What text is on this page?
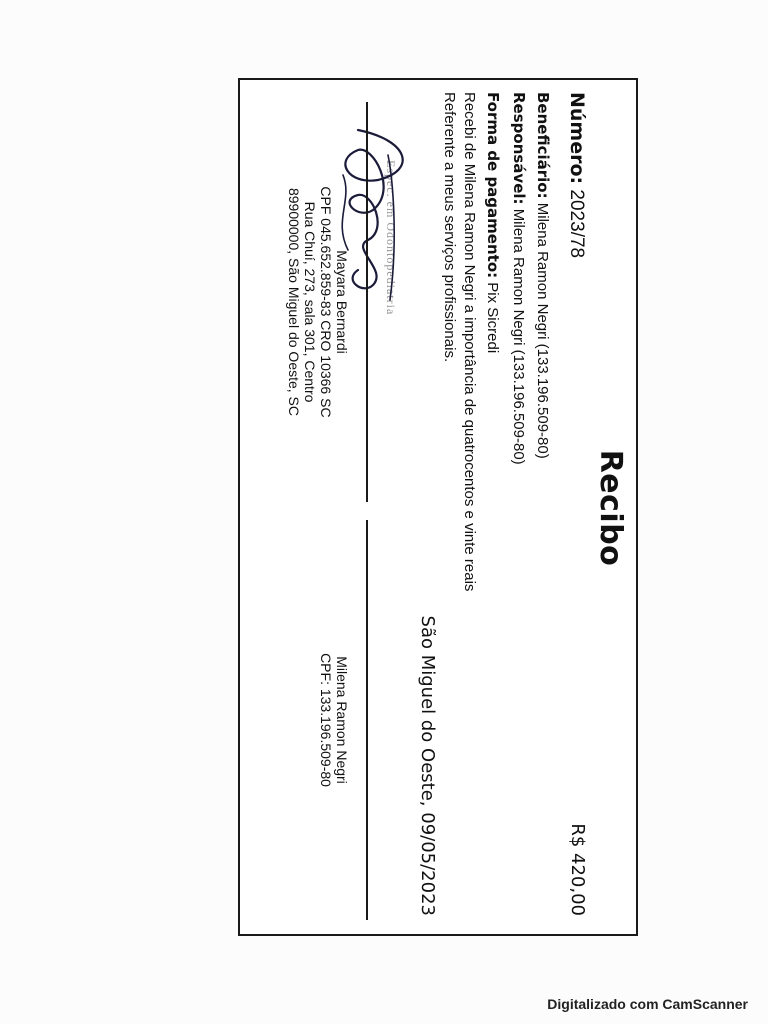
Recibo
R$ 420,00
Número: 2023/78
Beneficiário: Milena Ramon Negri (133.196.509-80)
Responsável: Milena Ramon Negri (133.196.509-80)
Forma de pagamento: Pix Sicredi
Recebi de Milena Ramon Negri a importância de quatrocentos e vinte reais
Referente a meus serviços profissionais.
São Miguel do Oeste, 09/05/2023
Espec. em Odontopediatria
Mayara Bernardi
CPF 045.652.859-83 CRO 10366 SC
Rua Chuí, 273, sala 301, Centro
89900000, São Miguel do Oeste, SC
Milena Ramon Negri
CPF: 133.196.509-80
Digitalizado com CamScanner
